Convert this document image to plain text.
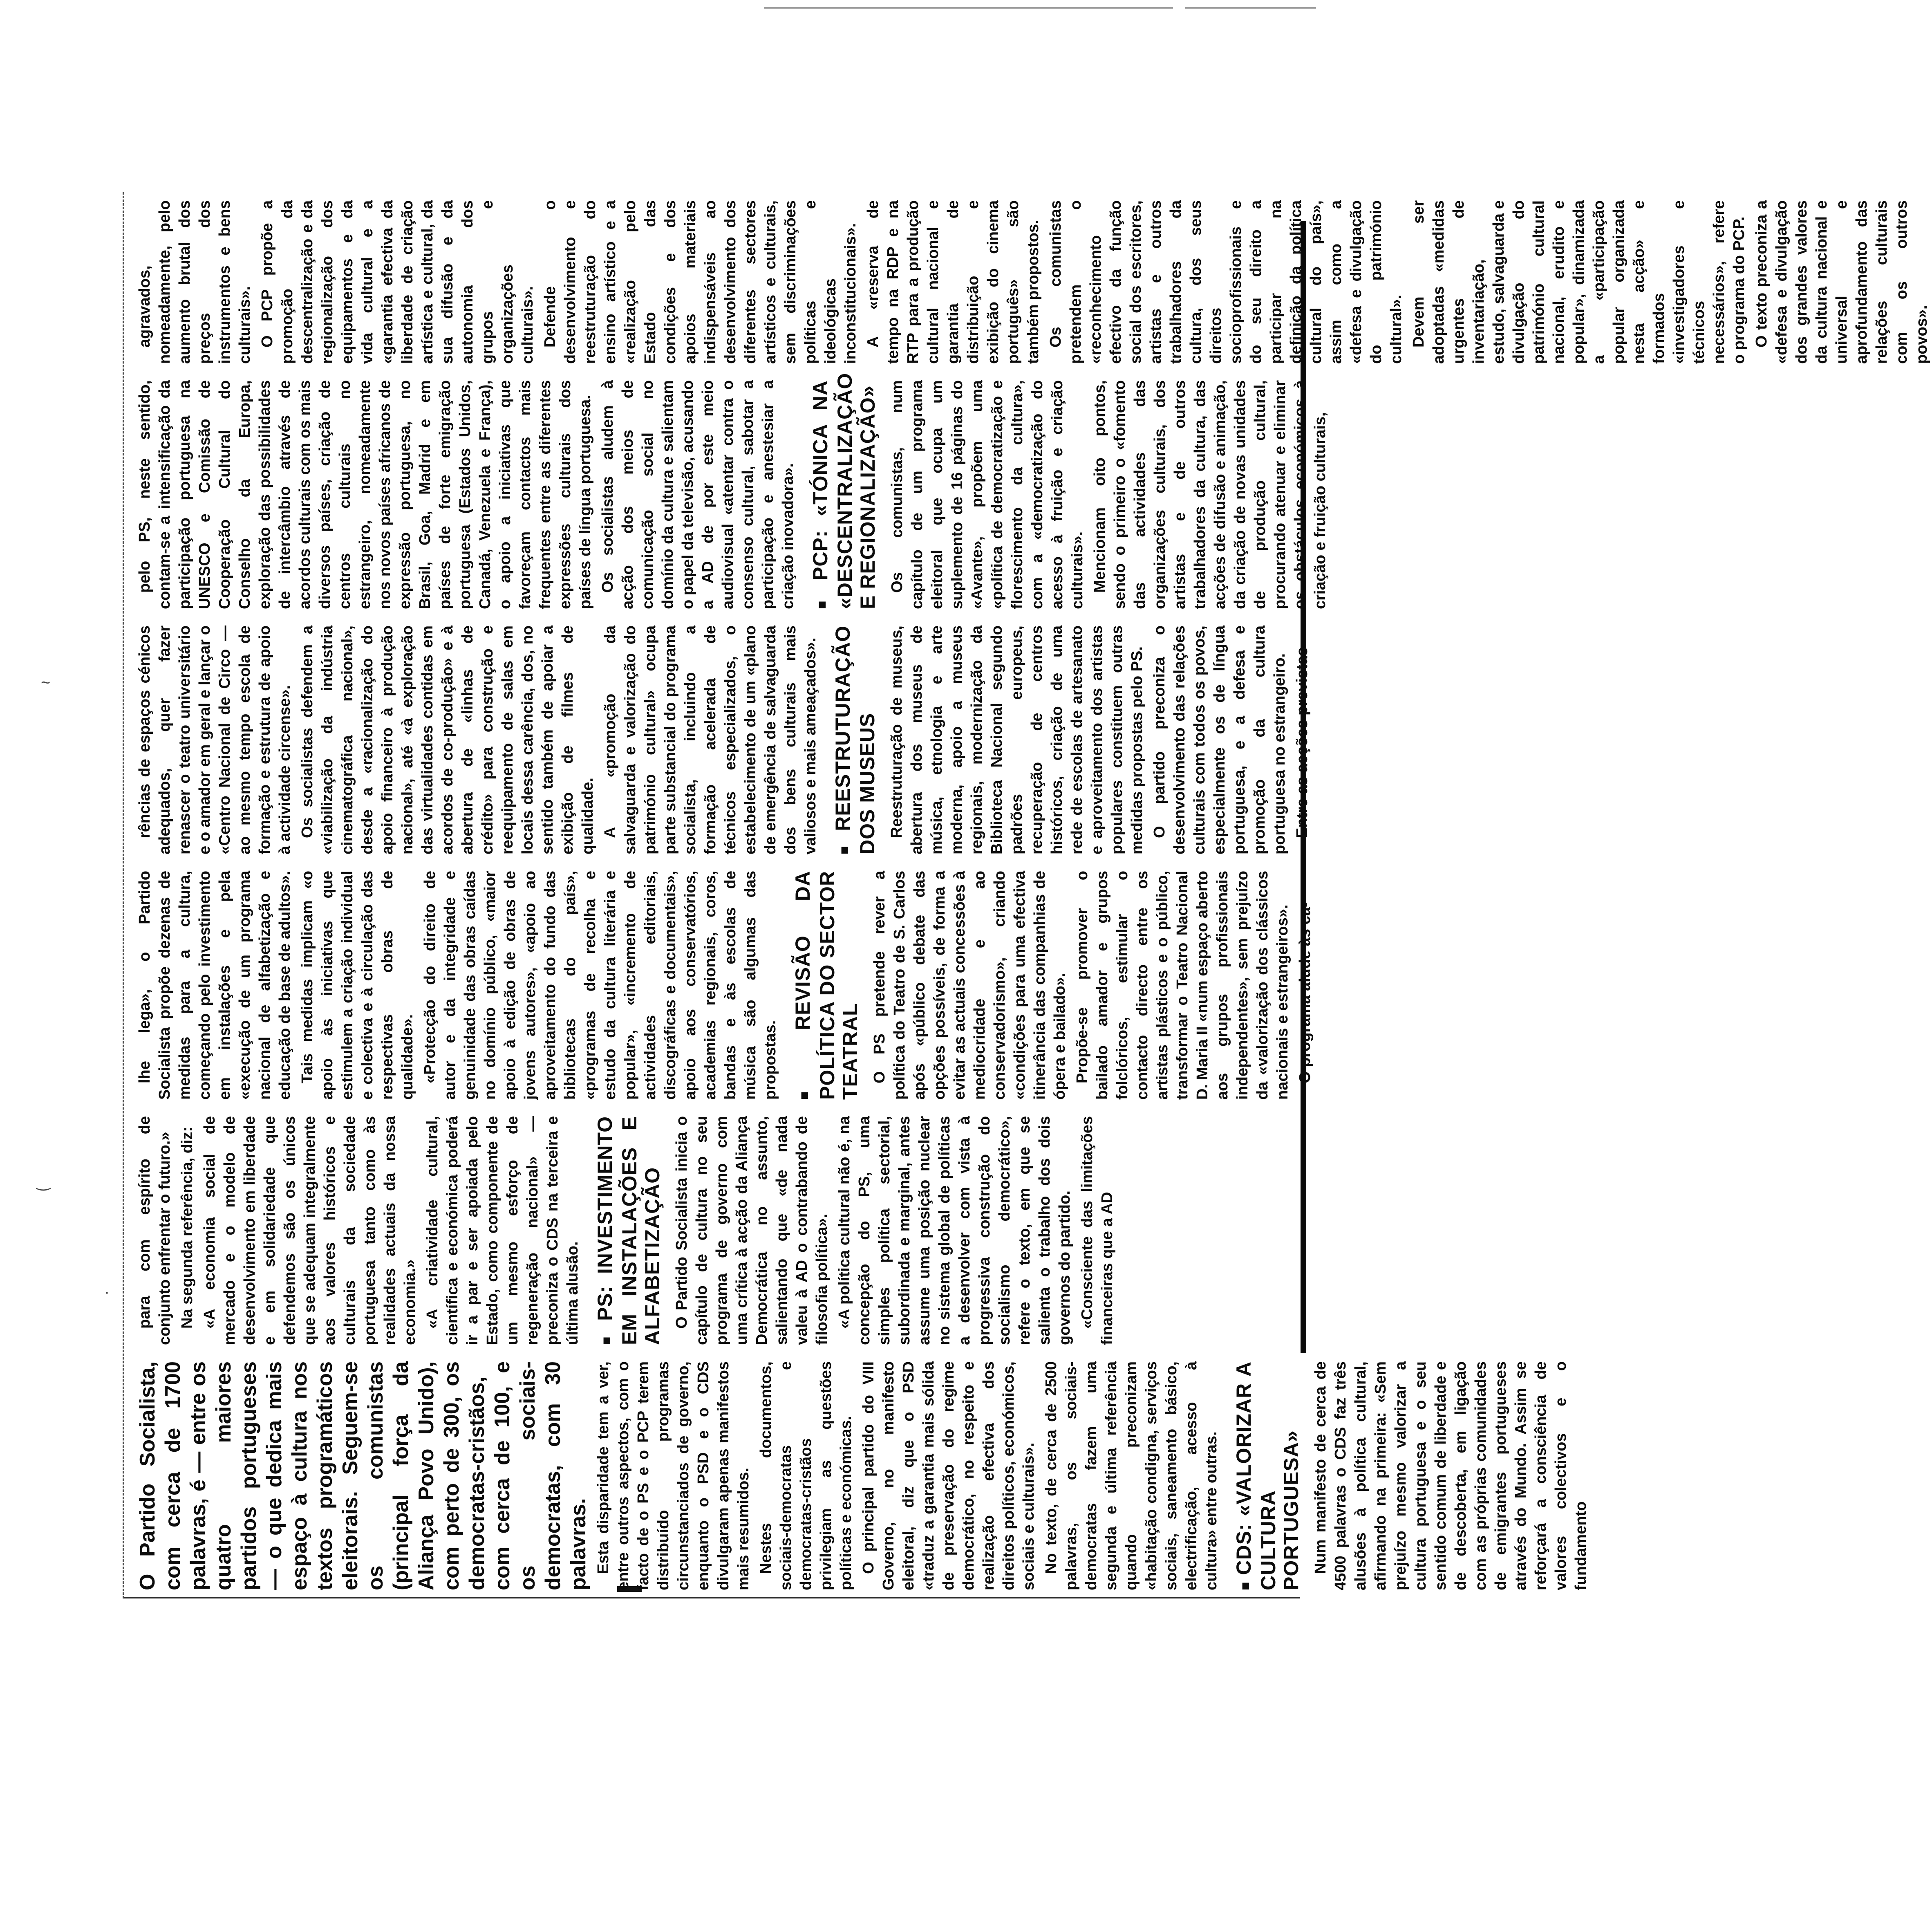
~
‿
·

O Partido Socialista, com cerca de 1700 palavras, é — entre os quatro maiores partidos portugueses — o que dedica mais espaço à cultura nos textos programáticos eleitorais. Seguem-se os comunistas (principal força da Aliança Povo Unido), com perto de 300, os democratas-cristãos, com cerca de 100, e os sociais-democratas, com 30 palavras. Esta disparidade tem a ver, entre outros aspectos, com o facto de o PS e o PCP terem distribuído programas circunstanciados de governo, enquanto o PSD e o CDS divulgaram apenas manifestos mais resumidos. Nestes documentos, sociais-democratas e democratas-cristãos privilegiam as questões políticas e económicas. O principal partido do VIII Governo, no manifesto eleitoral, diz que o PSD «traduz a garantia mais sólida de preservação do regime democrático, no respeito e realização efectiva dos direitos políticos, económicos, sociais e culturais». No texto, de cerca de 2500 palavras, os sociais-democratas fazem uma segunda e última referência quando preconizam «habitação condigna, serviços sociais, saneamento básico, electrificação, acesso à cultura» entre outras. ■ CDS: «VALORIZAR A CULTURA PORTUGUESA» Num manifesto de cerca de 4500 palavras o CDS faz três alusões à política cultural, afirmando na primeira: «Sem prejuízo mesmo valorizar a cultura portuguesa e o seu sentido comum de liberdade e de descoberta, em ligação com as próprias comunidades de emigrantes portugueses através do Mundo. Assim se reforçará a consciência de valores colectivos e o fundamento

para com espírito de conjunto enfrentar o futuro.» Na segunda referência, diz: «A economia social de mercado e o modelo de desenvolvimento em liberdade e em solidariedade que defendemos são os únicos que se adequam integralmente aos valores históricos e culturais da sociedade portuguesa tanto como às realidades actuais da nossa economia.» «A criatividade cultural, científica e económica poderá ir a par e ser apoiada pelo Estado, como componente de um mesmo esforço de regeneração nacional» — preconiza o CDS na terceira e última alusão. ■ PS: INVESTIMENTO EM INSTALAÇÕES E ALFABETIZAÇÃO O Partido Socialista inicia o capítulo de cultura no seu programa de governo com uma crítica à acção da Aliança Democrática no assunto, salientando que «de nada valeu à AD o contrabando de filosofia política». «A política cultural não é, na concepção do PS, uma simples política sectorial, subordinada e marginal, antes assume uma posição nuclear no sistema global de políticas a desenvolver com vista à progressiva construção do socialismo democrático», refere o texto, em que se salienta o trabalho dos dois governos do partido. «Consciente das limitações financeiras que a AD

lhe lega», o Partido Socialista propõe dezenas de medidas para a cultura, começando pelo investimento em instalações e pela «execução de um programa nacional de alfabetização e educação de base de adultos». Tais medidas implicam «o apoio às iniciativas que estimulem a criação individual e colectiva e à circulação das respectivas obras de qualidade». «Protecção do direito de autor e da integridade e genuinidade das obras caídas no domínio público, «maior apoio à edição de obras de jovens autores», «apoio ao aproveitamento do fundo das bibliotecas do país», «programas de recolha e estudo da cultura literária e popular», «incremento de actividades editoriais, discográficas e documentais», apoio aos conservatórios, academias regionais, coros, bandas e às escolas de música são algumas das propostas.

■ REVISÃO DA POLÍTICA DO SECTOR TEATRAL O PS pretende rever a política do Teatro de S. Carlos após «público debate das opções possíveis, de forma a evitar as actuais concessões à mediocridade e ao conservadorismo», criando «condições para uma efectiva itinerância das companhias de ópera e bailado». Propõe-se promover o bailado amador e grupos folclóricos, estimular o contacto directo entre os artistas plásticos e o público, transformar o Teatro Nacional D. Maria II «num espaço aberto aos grupos profissionais independentes», sem prejuízo da «valorização dos clássicos nacionais e estrangeiros». O programa alude às ca-

rências de espaços cénicos adequados, quer fazer renascer o teatro universitário e o amador em geral e lançar o «Centro Nacional de Circo — ao mesmo tempo escola de formação e estrutura de apoio à actividade circense». Os socialistas defendem a «viabilização da indústria cinematográfica nacional», desde a «racionalização do apoio financeiro à produção nacional», até «à exploração das virtualidades contidas em acordos de co-produção» e à abertura de «linhas de crédito» para construção e reequipamento de salas em locais dessa carência, dos, no sentido também de apoiar a exibição de filmes de qualidade. A «promoção da salvaguarda e valorização do património cultural» ocupa parte substancial do programa socialista, incluindo a formação acelerada de técnicos especializados, o estabelecimento de um «plano de emergência de salvaguarda dos bens culturais mais valiosos e mais ameaçados». ■ REESTRUTURAÇÃO DOS MUSEUS Reestruturação de museus, abertura dos museus de música, etnologia e arte moderna, apoio a museus regionais, modernização da Biblioteca Nacional segundo padrões europeus, recuperação de centros históricos, criação de uma rede de escolas de artesanato e aproveitamento dos artistas populares constituem outras medidas propostas pelo PS. O partido preconiza o desenvolvimento das relações culturais com todos os povos, especialmente os de língua portuguesa, e a defesa e promoção da cultura portuguesa no estrangeiro. Entre as acções previstas

pelo PS, neste sentido, contam-se a intensificação da participação portuguesa na UNESCO e Comissão de Cooperação Cultural do Conselho da Europa, exploração das possibilidades de intercâmbio através de acordos culturais com os mais diversos países, criação de centros culturais no estrangeiro, nomeadamente nos novos países africanos de expressão portuguesa, no Brasil, Goa, Madrid e em países de forte emigração portuguesa (Estados Unidos, Canadá, Venezuela e França), o apoio a iniciativas que favoreçam contactos mais frequentes entre as diferentes expressões culturais dos países de língua portuguesa. Os socialistas aludem à acção dos meios de comunicação social no domínio da cultura e salientam o papel da televisão, acusando a AD de por este meio audiovisual «atentar contra o consenso cultural, sabotar a participação e anestesiar a criação inovadora». ■ PCP: «TÓNICA NA «DESCENTRALIZAÇÃO E REGIONALIZAÇÃO» Os comunistas, num capítulo de um programa eleitoral que ocupa um suplemento de 16 páginas do «Avante», propõem uma «política de democratização e florescimento da cultura», com a «democratização do acesso à fruição e criação culturais». Mencionam oito pontos, sendo o primeiro o «fomento das actividades das organizações culturais, dos artistas e de outros trabalhadores da cultura, das acções de difusão e animação, da criação de novas unidades de produção cultural, procurando atenuar e eliminar os obstáculos económicos à criação e fruição culturais,

agravados, nomeadamente, pelo aumento brutal dos preços dos instrumentos e bens culturais». O PCP propõe a promoção da descentralização e da regionalização dos equipamentos e da vida cultural e a «garantia efectiva da liberdade de criação artística e cultural, da sua difusão e da autonomia dos grupos e organizações culturais». Defende o desenvolvimento e reestruturação do ensino artístico e a «realização pelo Estado das condições e dos apoios materiais indispensáveis ao desenvolvimento dos diferentes sectores artísticos e culturais, sem discriminações políticas e ideológicas inconstitucionais». A «reserva de tempo na RDP e na RTP para a produção cultural nacional e garantia de distribuição e exibição do cinema português» são também propostos. Os comunistas pretendem o «reconhecimento efectivo da função social dos escritores, artistas e outros trabalhadores da cultura, dos seus direitos socioprofissionais e do seu direito a participar na definição da política cultural do país», assim como a «defesa e divulgação do património cultural». Devem ser adoptadas «medidas urgentes de inventariação, estudo, salvaguarda e divulgação do património cultural nacional, erudito e popular», dinamizada a «participação popular organizada nesta acção» e formados «investigadores e técnicos necessários», refere o programa do PCP. O texto preconiza a «defesa e divulgação dos grandes valores da cultura nacional e universal e aprofundamento das relações culturais com os outros povos».
